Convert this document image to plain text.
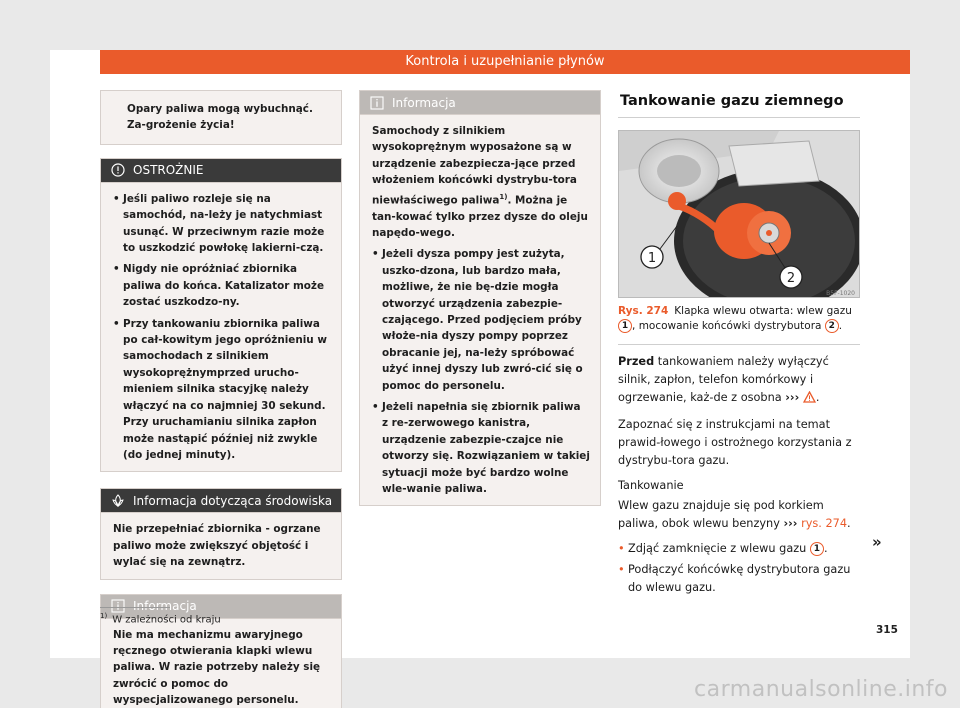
Kontrola i uzupełnianie płynów

Opary paliwa mogą wybuchnąć. Za-grożenie życia!

OSTROŻNIE

• Jeśli paliwo rozleje się na samochód, na-leży je natychmiast usunąć. W przeciwnym razie może to uszkodzić powłokę lakierni-czą.

• Nigdy nie opróżniać zbiornika paliwa do końca. Katalizator może zostać uszkodzo-ny.

• Przy tankowaniu zbiornika paliwa po cał-kowitym jego opróżnieniu w samochodach z silnikiem wysokoprężnymprzed urucho-mieniem silnika stacyjkę należy włączyć na co najmniej 30 sekund. Przy uruchamianiu silnika zapłon może nastąpić później niż zwykle (do jednej minuty).

Informacja dotycząca środowiska

Nie przepełniać zbiornika - ogrzane paliwo może zwiększyć objętość i wylać się na zewnątrz.

Informacja

Nie ma mechanizmu awaryjnego ręcznego otwierania klapki wlewu paliwa. W razie potrzeby należy się zwrócić o pomoc do wyspecjalizowanego personelu.

Informacja

Samochody z silnikiem wysokoprężnym wyposażone są w urządzenie zabezpiecza-jące przed włożeniem końcówki dystrybu-tora niewłaściwego paliwa$^{1)}$. Można je tan-kować tylko przez dysze do oleju napędo-wego.

• Jeżeli dysza pompy jest zużyta, uszko-dzona, lub bardzo mała, możliwe, że nie bę-dzie mogła otworzyć urządzenia zabezpie-czającego. Przed podjęciem próby włoże-nia dyszy pompy poprzez obracanie jej, na-leży spróbować użyć innej dyszy lub zwró-cić się o pomoc do personelu.

• Jeżeli napełnia się zbiornik paliwa z re-zerwowego kanistra, urządzenie zabezpie-czajce nie otworzy się. Rozwiązaniem w takiej sytuacji może być bardzo wolne wle-wanie paliwa.

Tankowanie gazu ziemnego
1
2
B5F-1020
Rys. 274 Klapka wlewu otwarta: wlew gazu 1 , mocowanie końcówki dystrybutora 2 .

Przed tankowaniem należy wyłączyć silnik, zapłon, telefon komórkowy i ogrzewanie, każ-de z osobna ››› .

Zapoznać się z instrukcjami na temat prawid-łowego i ostrożnego korzystania z dystrybu-tora gazu.

Tankowanie

Wlew gazu znajduje się pod korkiem paliwa, obok wlewu benzyny ››› rys. 274.

• Zdjąć zamknięcie z wlewu gazu 1 .

• Podłączyć końcówkę dystrybutora gazu do wlewu gazu.

»
$^{1)}$ W zależności od kraju
315
carmanualsonline.info
